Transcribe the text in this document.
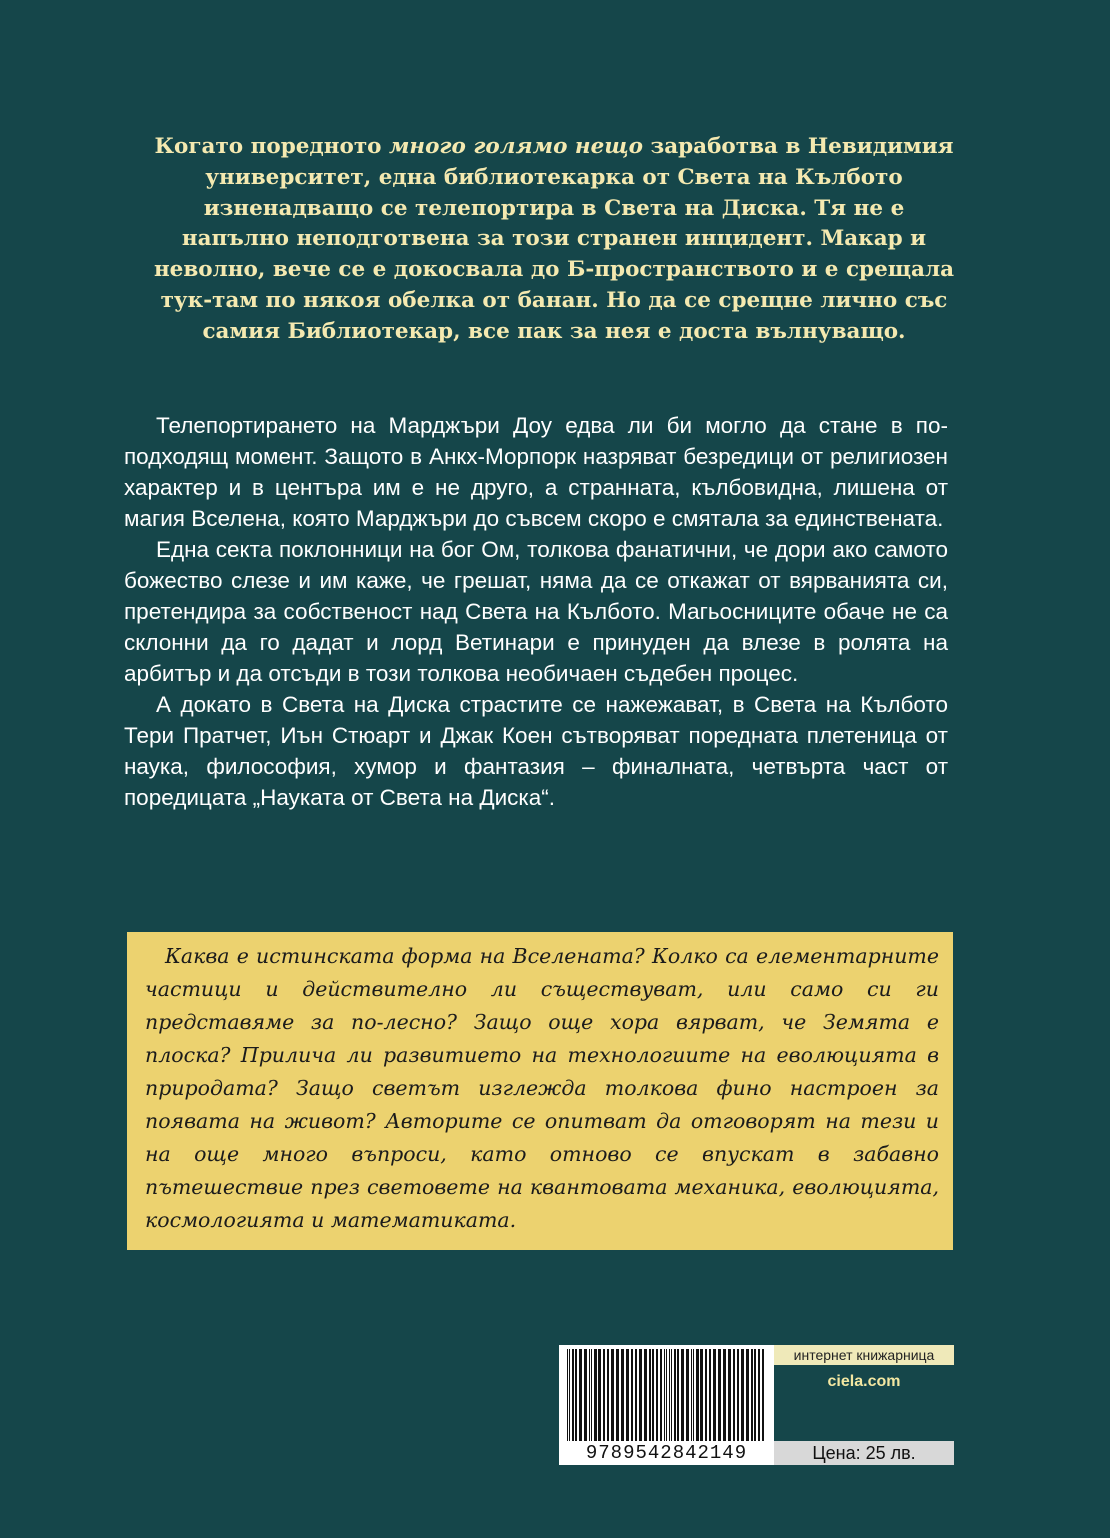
Когато поредното много голямо нещо заработва в Невидимия университет, една библиотекарка от Света на Кълбото изненадващо се телепортира в Света на Диска. Тя не е напълно неподготвена за този странен инцидент. Макар и неволно, вече се е докосвала до Б-пространството и е срещала тук-там по някоя обелка от банан. Но да се срещне лично със самия Библиотекар, все пак за нея е доста вълнуващо.

Телепортирането на Марджъри Доу едва ли би могло да стане в по-подходящ момент. Защото в Анкх-Морпорк назряват безредици от религиозен характер и в центъра им е не друго, а странната, кълбовидна, лишена от магия Вселена, която Марджъри до съвсем скоро е смятала за единствената.

Една секта поклонници на бог Ом, толкова фанатични, че дори ако самото божество слезе и им каже, че грешат, няма да се откажат от вярванията си, претендира за собственост над Света на Кълбото. Магьосниците обаче не са склонни да го дадат и лорд Ветинари е принуден да влезе в ролята на арбитър и да отсъди в този толкова необичаен съдебен процес.

А докато в Света на Диска страстите се нажежават, в Света на Кълбото Тери Пратчет, Иън Стюарт и Джак Коен сътворяват поредната плетеница от наука, философия, хумор и фантазия – финалната, четвърта част от поредицата „Науката от Света на Диска“.

Каква е истинската форма на Вселената? Колко са елементарните частици и действително ли съществуват, или само си ги представяме за по-лесно? Защо още хора вярват, че Земята е плоска? Прилича ли развитието на технологиите на еволюцията в природата? Защо светът изглежда толкова фино настроен за появата на живот? Авторите се опитват да отговорят на тези и на още много въпроси, като отново се впускат в забавно пътешествие през световете на квантовата механика, еволюцията, космологията и математиката.

9789542842149
интернет книжарница
ciela.com
Цена: 25 лв.
